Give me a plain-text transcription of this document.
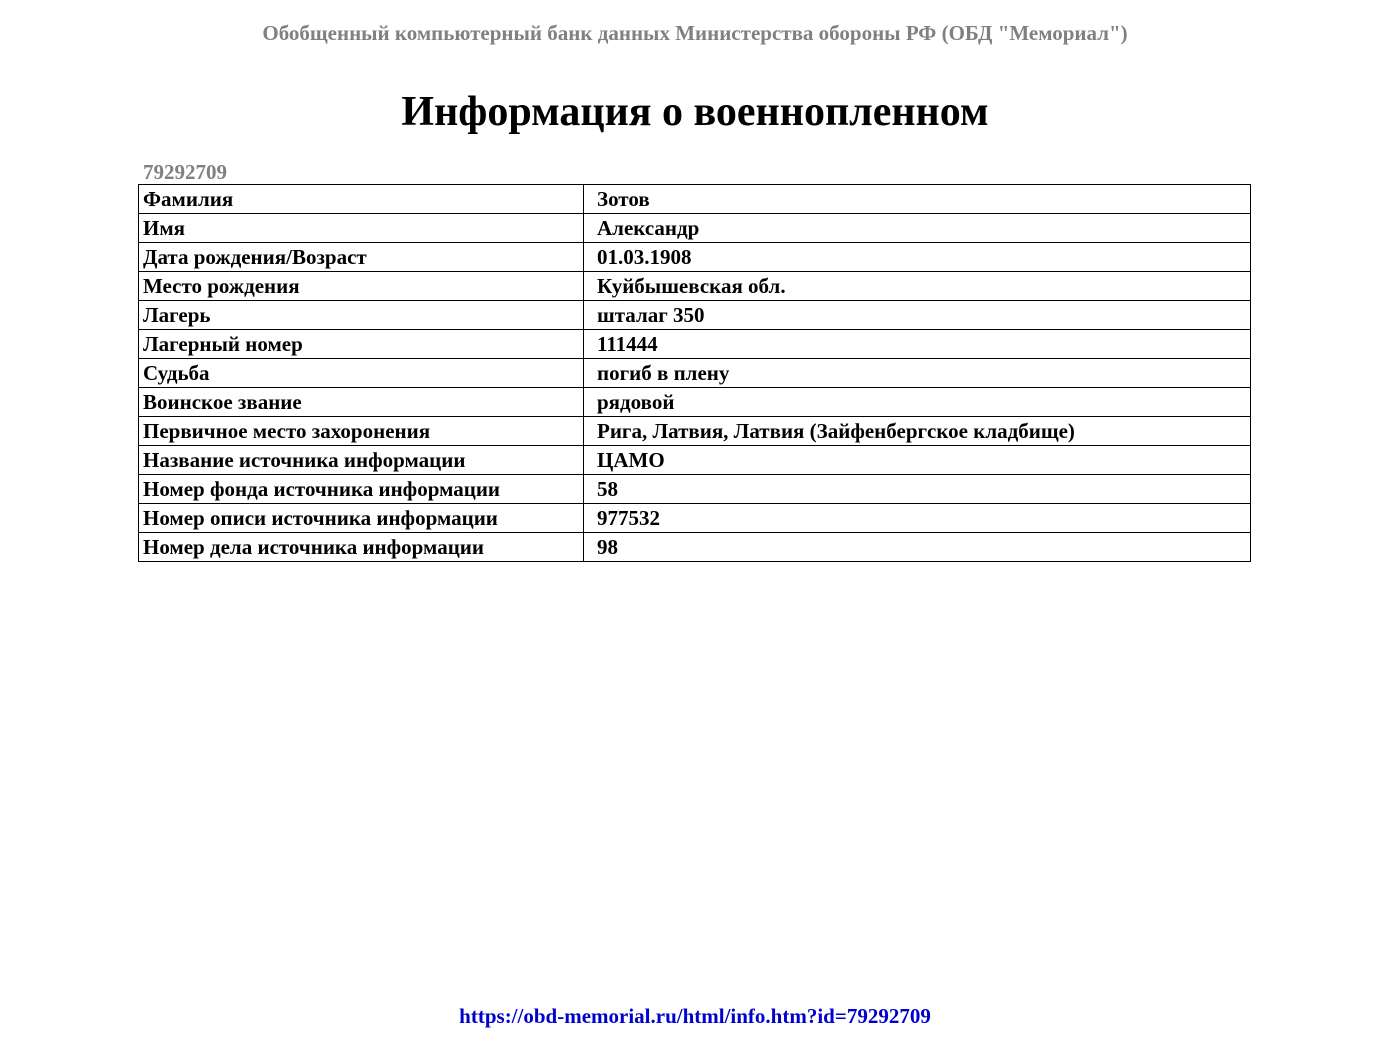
Обобщенный компьютерный банк данных Министерства обороны РФ (ОБД "Мемориал")
Информация о военнопленном
79292709
Фамилия	Зотов
Имя	Александр
Дата рождения/Возраст	01.03.1908
Место рождения	Куйбышевская обл.
Лагерь	шталаг 350
Лагерный номер	111444
Судьба	погиб в плену
Воинское звание	рядовой
Первичное место захоронения	Рига, Латвия, Латвия (Зайфенбергское кладбище)
Название источника информации	ЦАМО
Номер фонда источника информации	58
Номер описи источника информации	977532
Номер дела источника информации	98
https://obd-memorial.ru/html/info.htm?id=79292709
